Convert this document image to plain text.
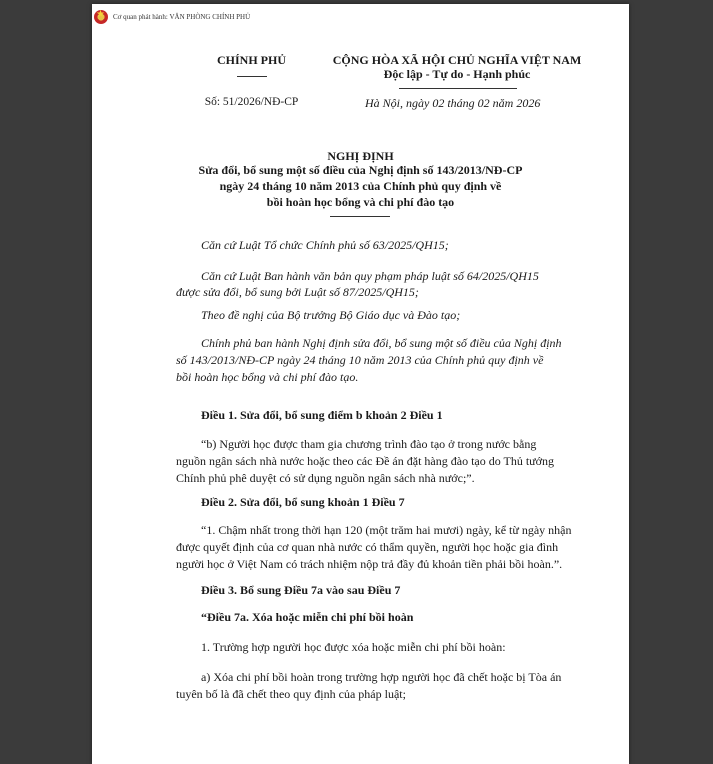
★
Cơ quan phát hành: VĂN PHÒNG CHÍNH PHỦ
CHÍNH PHỦ	CỘNG HÒA XÃ HỘI CHỦ NGHĨA VIỆT NAM
Độc lập - Tự do - Hạnh phúc
Số: 51/2026/NĐ-CP	Hà Nội, ngày 02 tháng 02 năm 2026
NGHỊ ĐỊNH
Sửa đổi, bổ sung một số điều của Nghị định số 143/2013/NĐ-CP
ngày 24 tháng 10 năm 2013 của Chính phủ quy định về
bồi hoàn học bổng và chi phí đào tạo
Căn cứ Luật Tổ chức Chính phủ số 63/2025/QH15;
Căn cứ Luật Ban hành văn bản quy phạm pháp luật số 64/2025/QH15
được sửa đổi, bổ sung bởi Luật số 87/2025/QH15;
Theo đề nghị của Bộ trưởng Bộ Giáo dục và Đào tạo;
Chính phủ ban hành Nghị định sửa đổi, bổ sung một số điều của Nghị định
số 143/2013/NĐ-CP ngày 24 tháng 10 năm 2013 của Chính phủ quy định về
bồi hoàn học bổng và chi phí đào tạo.
Điều 1. Sửa đổi, bổ sung điểm b khoản 2 Điều 1
“b) Người học được tham gia chương trình đào tạo ở trong nước bằng
nguồn ngân sách nhà nước hoặc theo các Đề án đặt hàng đào tạo do Thủ tướng
Chính phủ phê duyệt có sử dụng nguồn ngân sách nhà nước;”.
Điều 2. Sửa đổi, bổ sung khoản 1 Điều 7
“1. Chậm nhất trong thời hạn 120 (một trăm hai mươi) ngày, kể từ ngày nhận
được quyết định của cơ quan nhà nước có thẩm quyền, người học hoặc gia đình
người học ở Việt Nam có trách nhiệm nộp trả đầy đủ khoản tiền phải bồi hoàn.”.
Điều 3. Bổ sung Điều 7a vào sau Điều 7
“Điều 7a. Xóa hoặc miễn chi phí bồi hoàn
1. Trường hợp người học được xóa hoặc miễn chi phí bồi hoàn:
a) Xóa chi phí bồi hoàn trong trường hợp người học đã chết hoặc bị Tòa án
tuyên bố là đã chết theo quy định của pháp luật;
